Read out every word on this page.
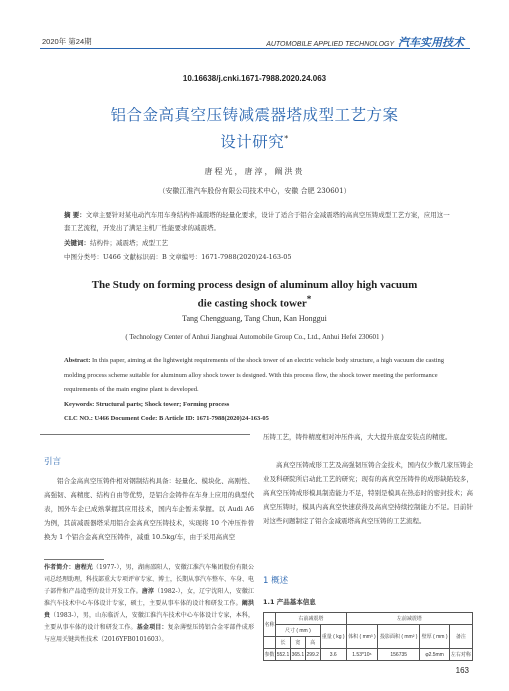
2020年 第24期	AUTOMOBILE APPLIED TECHNOLOGY 汽车实用技术
10.16638/j.cnki.1671-7988.2020.24.063
铝合金高真空压铸减震器塔成型工艺方案
设计研究*
唐程光，唐淳，阚洪贵
（安徽江淮汽车股份有限公司技术中心，安徽 合肥 230601）
摘 要：文章主要针对某电动汽车用车身结构件减震塔的轻量化要求，设计了适合于铝合金减震塔的高真空压铸成型工艺方案，应用这一套工艺流程，开发出了满足主机厂性能要求的减震塔。
关键词：结构件；减震塔；成型工艺
中图分类号：U466 文献标识码：B 文章编号：1671-7988(2020)24-163-05
The Study on forming process design of aluminum alloy high vacuum
die casting shock tower*
Tang Chengguang, Tang Chun, Kan Honggui
( Technology Center of Anhui Jianghuai Automobile Group Co., Ltd., Anhui Hefei 230601 )
Abstract: In this paper, aiming at the lightweight requirements of the shock tower of an electric vehicle body structure, a high vacuum die casting molding process scheme suitable for aluminum alloy shock tower is designed. With this process flow, the shock tower meeting the performance requirements of the main engine plant is developed.
Keywords: Structural parts; Shock tower; Forming process
CLC NO.: U466 Document Code: B Article ID: 1671-7988(2020)24-163-05
引言
铝合金高真空压铸件相对钢制结构具备：轻量化、模块化、高刚性、高强韧、高精度、结构自由等优势，是铝合金铸件在车身上应用的典型代表，国外车企已成熟掌握其应用技术，国内车企暂未掌握。以 Audi A6 为例，其前减震器塔采用铝合金高真空压铸技术，实现将 10 个冲压件替换为 1 个铝合金高真空压铸件，减重 10.5kg/车，由于采用高真空
作者简介：唐程光（1977-），男，湖南邵阳人，安徽江淮汽车集团股份有限公司总经理助理，科技部重大专项评审专家、博士，长期从事汽车整车、车身、电子部件和产品造型的设计开发工作。唐淳（1982-），女，辽宁沈阳人，安徽江淮汽车技术中心车体设计专家，硕士，主要从事车体的设计和研发工作。阚洪贵（1983-），男，山东临沂人，安徽江淮汽车技术中心车体设计专家，本科，主要从事车体的设计和研发工作。基金项目：复杂薄壁压铸铝合金零部件成形与应用关键共性技术（2016YFB0101603）。
压铸工艺，铸件精度相对冲压件高，大大提升底盘安装点的精度。
高真空压铸成形工艺及高强韧压铸合金技术，国内仅少数几家压铸企业及科研院所启动此工艺的研究；现有的高真空压铸件的成形缺陷较多，高真空压铸成形模具制造能力不足，特别是模具在热态时的密封技术；高真空压铸时，模具内高真空快速获得及高真空持续控制能力不足。目前针对这些问题制定了铝合金减震塔高真空压铸的工艺流程。
1 概述
1.1 产品基本信息
名称	右前减震塔				左前减震塔			
	尺寸 ( mm )			重量 ( kg )	体积 ( mm³ )	投影面积 ( mm² )	壁厚 ( mm )	备注
	长	宽	高					
参数	552.1	365.1	299.2	3.6	1.53*10⁶	156735	φ2.5mm	左右对称
163
